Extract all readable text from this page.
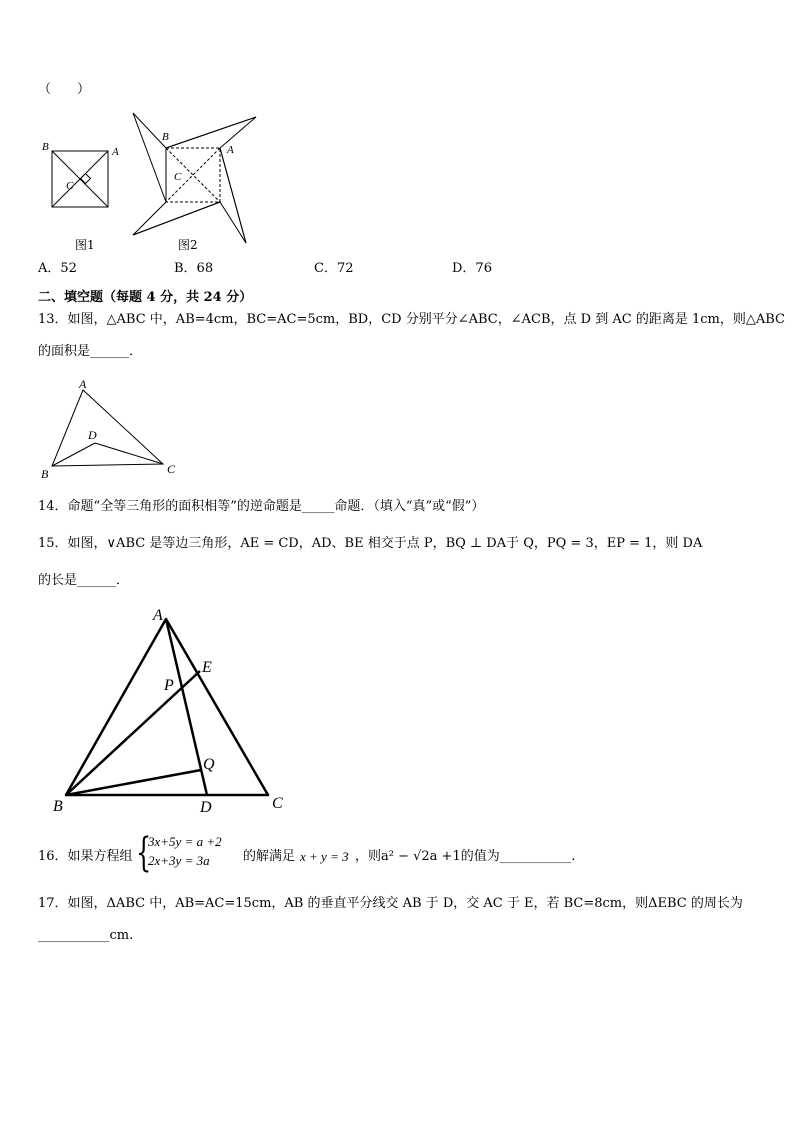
（　　）
B	A
C
图1
B
A
C
图2
A．52	B．68	C．72	D．76
二、填空题（每题 4 分，共 24 分）
13．如图，△ABC 中，AB=4cm，BC=AC=5cm，BD，CD 分别平分∠ABC，∠ACB，点 D 到 AC 的距离是 1cm，则△ABC
的面积是______．
A
B	C
D
14．命题“全等三角形的面积相等”的逆命题是_____命题．（填入“真”或“假”）
15．如图，∨ABC 是等边三角形，AE = CD，AD、BE 相交于点 P，BQ ⊥ DA于 Q，PQ = 3，EP = 1，则 DA
的长是______．
A
E
P
Q
B	D	C
16．如果方程组 {
3x+5y = a +2
2x+3y = 3a	的解满足 x + y = 3 ，则a² − √2a +1的值为___________.
17．如图，ΔABC 中，AB=AC=15cm，AB 的垂直平分线交 AB 于 D，交 AC 于 E，若 BC=8cm，则ΔEBC 的周长为
___________cm.
